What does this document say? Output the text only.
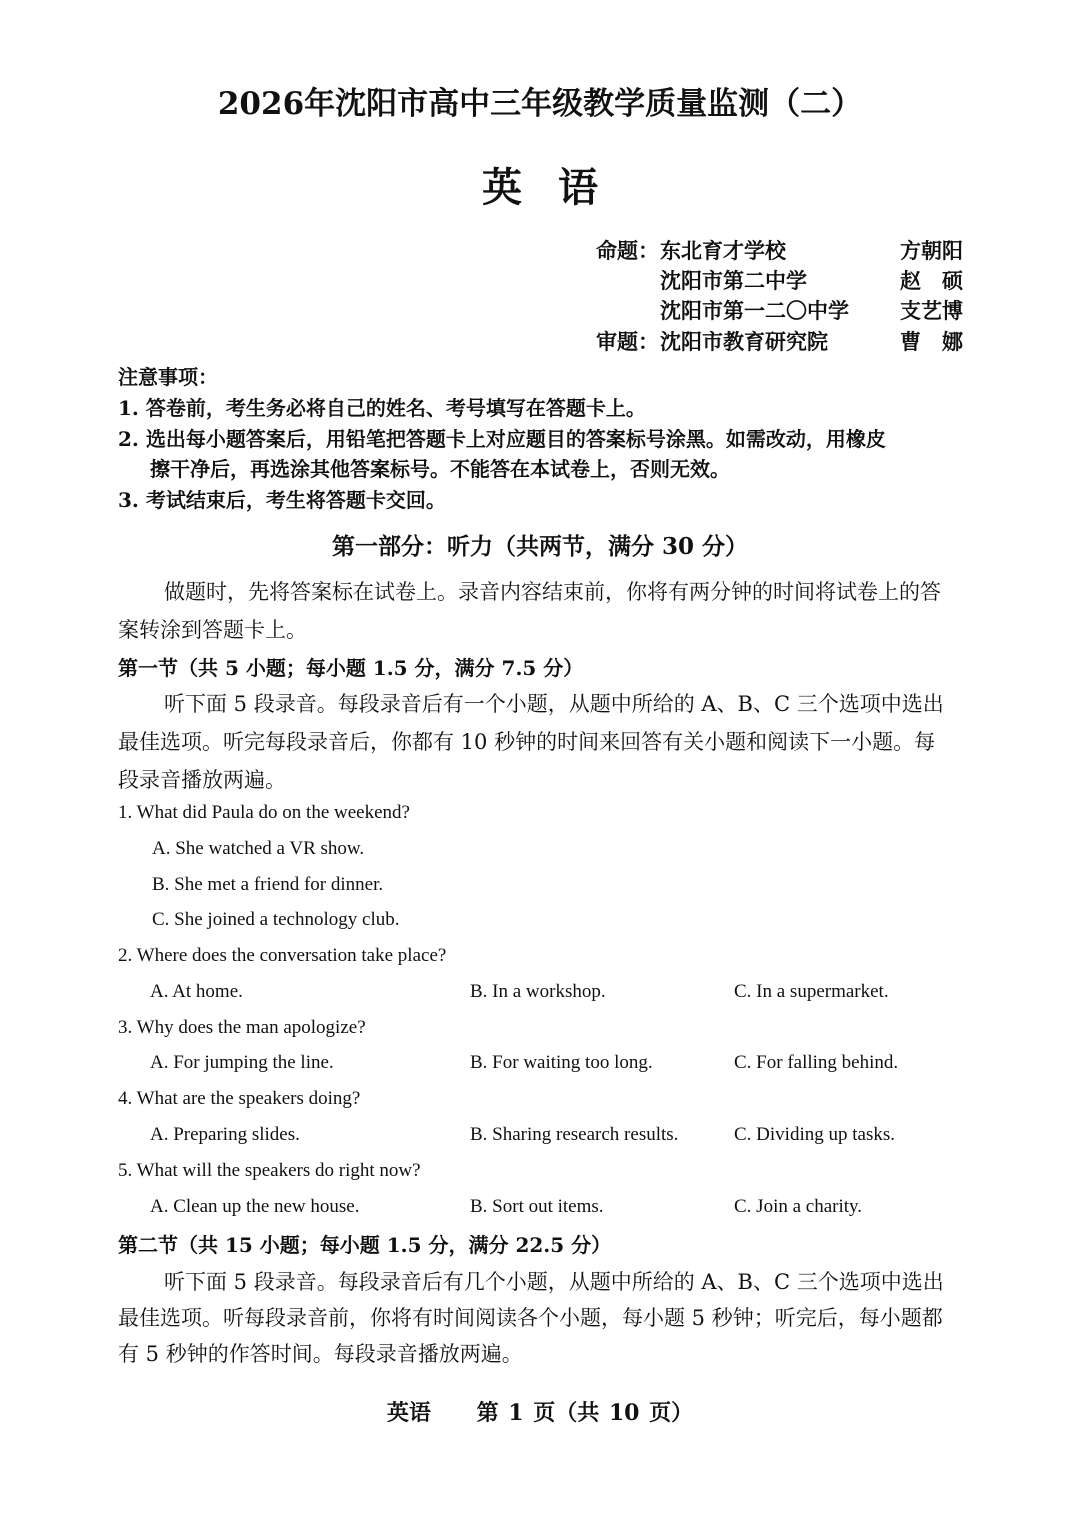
2026年沈阳市高中三年级教学质量监测（二）
英语
命题： 东北育才学校	方朝阳
沈阳市第二中学	赵　硕
沈阳市第一二〇中学 支艺博
审题： 沈阳市教育研究院	曹　娜
注意事项：
1. 答卷前，考生务必将自己的姓名、考号填写在答题卡上。
2. 选出每小题答案后，用铅笔把答题卡上对应题目的答案标号涂黑。如需改动，用橡皮
擦干净后，再选涂其他答案标号。不能答在本试卷上，否则无效。
3. 考试结束后，考生将答题卡交回。
第一部分：听力（共两节，满分 30 分）
做题时，先将答案标在试卷上。录音内容结束前，你将有两分钟的时间将试卷上的答
案转涂到答题卡上。
第一节（共 5 小题；每小题 1.5 分，满分 7.5 分）
听下面 5 段录音。每段录音后有一个小题，从题中所给的 A、B、C 三个选项中选出
最佳选项。听完每段录音后，你都有 10 秒钟的时间来回答有关小题和阅读下一小题。每
段录音播放两遍。
1. What did Paula do on the weekend?
A. She watched a VR show.
B. She met a friend for dinner.
C. She joined a technology club.
2. Where does the conversation take place?
A. At home.	B. In a workshop.	C. In a supermarket.
3. Why does the man apologize?
A. For jumping the line.	B. For waiting too long.	C. For falling behind.
4. What are the speakers doing?
A. Preparing slides.	B. Sharing research results.	C. Dividing up tasks.
5. What will the speakers do right now?
A. Clean up the new house.	B. Sort out items.	C. Join a charity.
第二节（共 15 小题；每小题 1.5 分，满分 22.5 分）
听下面 5 段录音。每段录音后有几个小题，从题中所给的 A、B、C 三个选项中选出
最佳选项。听每段录音前，你将有时间阅读各个小题，每小题 5 秒钟；听完后，每小题都
有 5 秒钟的作答时间。每段录音播放两遍。
英语 第 1 页（共 10 页）
